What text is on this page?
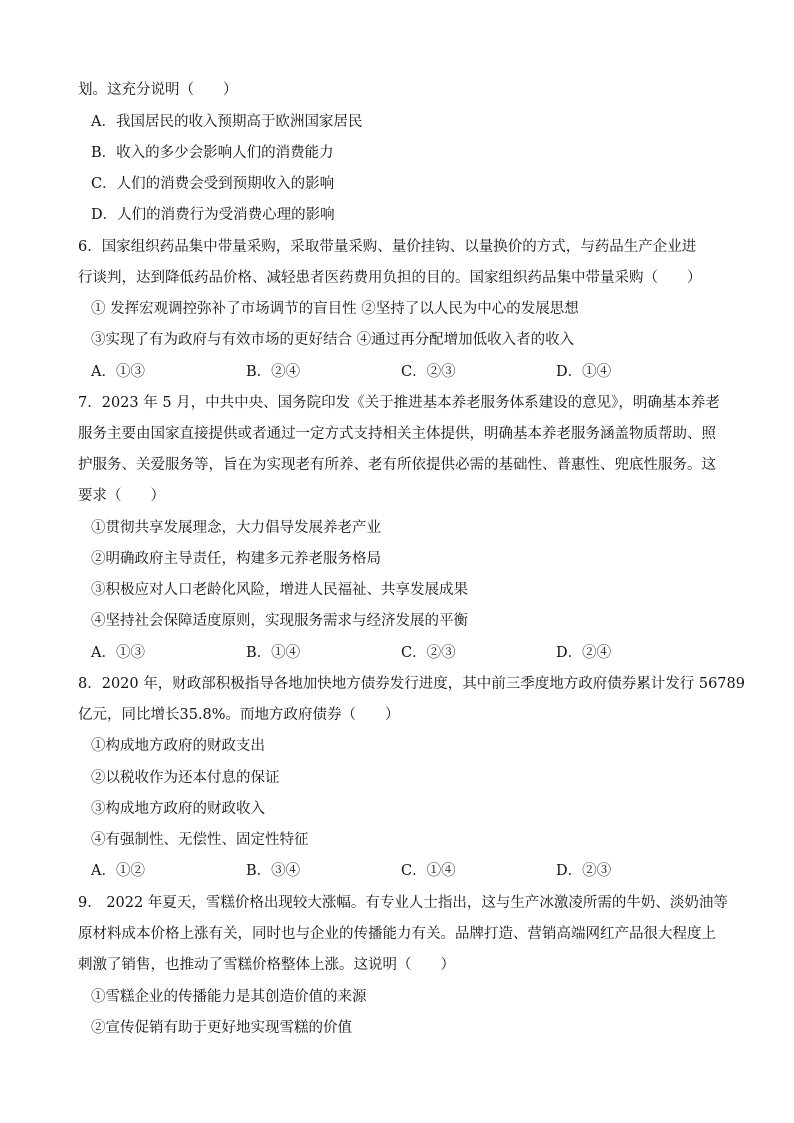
划。这充分说明（　　）
A．我国居民的收入预期高于欧洲国家居民
B．收入的多少会影响人们的消费能力
C．人们的消费会受到预期收入的影响
D．人们的消费行为受消费心理的影响
6．国家组织药品集中带量采购，采取带量采购、量价挂钩、以量换价的方式，与药品生产企业进
行谈判，达到降低药品价格、减轻患者医药费用负担的目的。国家组织药品集中带量采购（　　）
① 发挥宏观调控弥补了市场调节的盲目性 ②坚持了以人民为中心的发展思想
③实现了有为政府与有效市场的更好结合 ④通过再分配增加低收入者的收入
A．①③	B．②④	C．②③	D．①④
7．2023 年 5 月，中共中央、国务院印发《关于推进基本养老服务体系建设的意见》，明确基本养老
服务主要由国家直接提供或者通过一定方式支持相关主体提供，明确基本养老服务涵盖物质帮助、照
护服务、关爱服务等，旨在为实现老有所养、老有所依提供必需的基础性、普惠性、兜底性服务。这
要求（　　）
①贯彻共享发展理念，大力倡导发展养老产业
②明确政府主导责任，构建多元养老服务格局
③积极应对人口老龄化风险，增进人民福祉、共享发展成果
④坚持社会保障适度原则，实现服务需求与经济发展的平衡
A．①③	B．①④	C．②③	D．②④
8．2020 年，财政部积极指导各地加快地方债券发行进度，其中前三季度地方政府债券累计发行 56789
亿元，同比增长35.8%。而地方政府债券（　　）
①构成地方政府的财政支出
②以税收作为还本付息的保证
③构成地方政府的财政收入
④有强制性、无偿性、固定性特征
A．①②	B．③④	C．①④	D．②③
9． 2022 年夏天，雪糕价格出现较大涨幅。有专业人士指出，这与生产冰激凌所需的牛奶、淡奶油等
原材料成本价格上涨有关，同时也与企业的传播能力有关。品牌打造、营销高端网红产品很大程度上
刺激了销售，也推动了雪糕价格整体上涨。这说明（　　）
①雪糕企业的传播能力是其创造价值的来源
②宣传促销有助于更好地实现雪糕的价值
